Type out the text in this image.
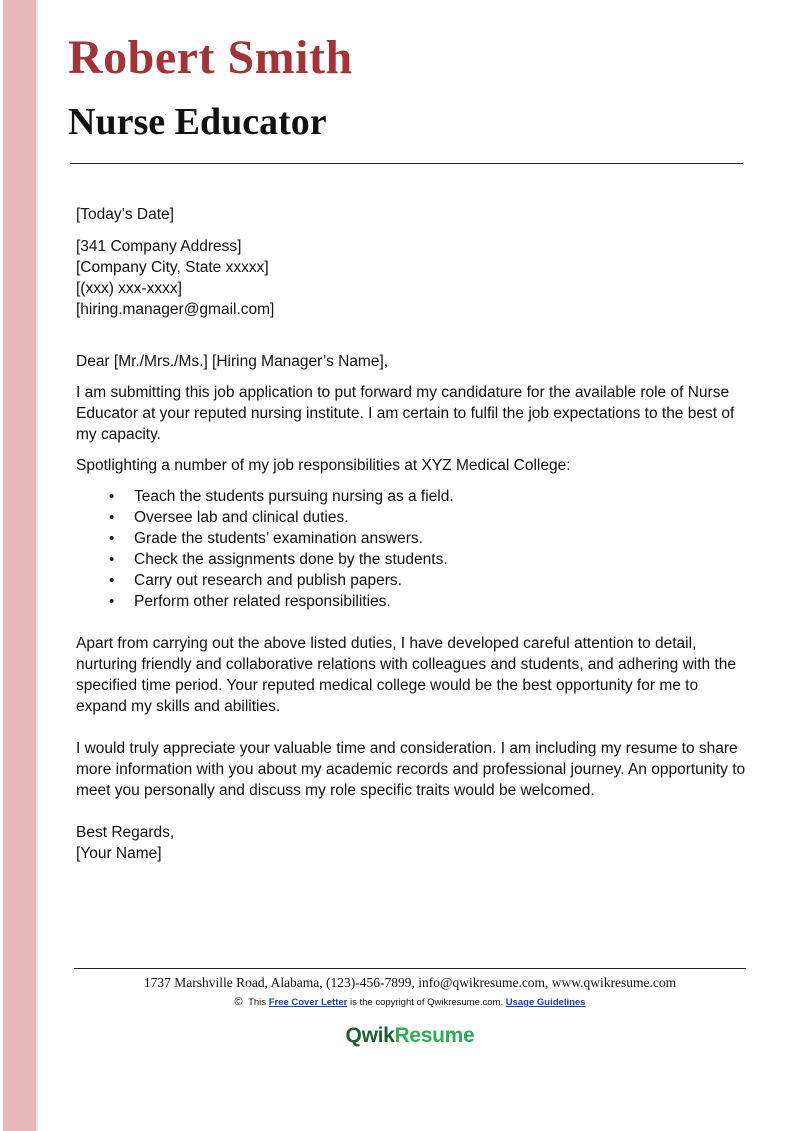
Robert Smith
Nurse Educator

[Today’s Date]

[341 Company Address]

[Company City, State xxxxx]

[(xxx) xxx-xxxx]

[hiring.manager@gmail.com]

Dear [Mr./Mrs./Ms.] [Hiring Manager’s Name],

I am submitting this job application to put forward my candidature for the available role of Nurse Educator at your reputed nursing institute. I am certain to fulfil the job expectations to the best of my capacity.

Spotlighting a number of my job responsibilities at XYZ Medical College:

• Teach the students pursuing nursing as a field.
• Oversee lab and clinical duties.
• Grade the students’ examination answers.
• Check the assignments done by the students.
• Carry out research and publish papers.
• Perform other related responsibilities.

Apart from carrying out the above listed duties, I have developed careful attention to detail, nurturing friendly and collaborative relations with colleagues and students, and adhering with the specified time period. Your reputed medical college would be the best opportunity for me to expand my skills and abilities.

I would truly appreciate your valuable time and consideration. I am including my resume to share more information with you about my academic records and professional journey. An opportunity to meet you personally and discuss my role specific traits would be welcomed.

Best Regards,

[Your Name]

1737 Marshville Road, Alabama, (123)-456-7899, info@qwikresume.com, www.qwikresume.com
© This Free Cover Letter is the copyright of Qwikresume.com. Usage Guidelines
QwikResume
